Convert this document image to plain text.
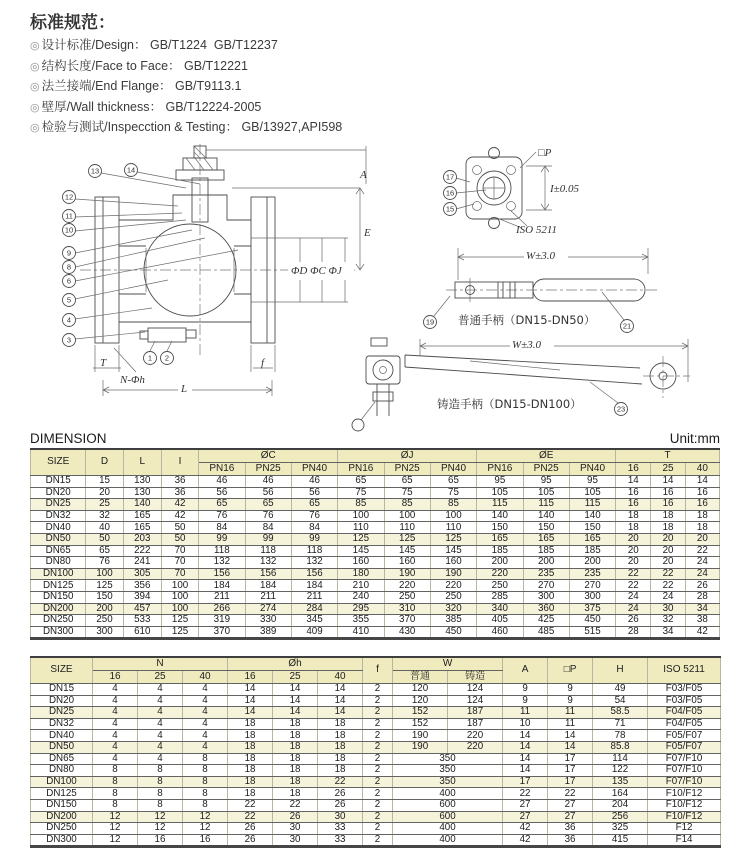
标准规范：
◎ 设计标准/Design： GB/T1224  GB/T12237
◎ 结构长度/Face to Face： GB/T12221
◎ 法兰接端/End Flange： GB/T9113.1
◎ 壁厚/Wall thickness： GB/T12224-2005
◎ 检验与测试/Inspecction & Testing： GB/13927,API598
A
E
ΦD ΦC ΦJ
T	f
L
N-Φh
13	14
12
11
10
9
8
6
5
4
3
1 2
17
16
15
□P
I±0.05
ISO 5211
W±3.0
19	21
普通手柄（DN15-DN50）
W±3.0
23
铸造手柄（DN15-DN100）
DIMENSION	Unit:mm
SIZE	D	L	I	ØC			ØJ			ØE			T		
				PN16	PN25	PN40	PN16	PN25	PN40	PN16	PN25	PN40	16	25	40
DN15	15	130	36	46	46	46	65	65	65	95	95	95	14	14	14
DN20	20	130	36	56	56	56	75	75	75	105	105	105	16	16	16
DN25	25	140	42	65	65	65	85	85	85	115	115	115	16	16	16
DN32	32	165	42	76	76	76	100	100	100	140	140	140	18	18	18
DN40	40	165	50	84	84	84	110	110	110	150	150	150	18	18	18
DN50	50	203	50	99	99	99	125	125	125	165	165	165	20	20	20
DN65	65	222	70	118	118	118	145	145	145	185	185	185	20	20	22
DN80	76	241	70	132	132	132	160	160	160	200	200	200	20	20	24
DN100	100	305	70	156	156	156	180	190	190	220	235	235	22	22	24
DN125	125	356	100	184	184	184	210	220	220	250	270	270	22	22	26
DN150	150	394	100	211	211	211	240	250	250	285	300	300	24	24	28
DN200	200	457	100	266	274	284	295	310	320	340	360	375	24	30	34
DN250	250	533	125	319	330	345	355	370	385	405	425	450	26	32	38
DN300	300	610	125	370	389	409	410	430	450	460	485	515	28	34	42
SIZE	N			Øh			f	W		A	□P	H	ISO 5211
	16	25	40	16	25	40		普通	铸造				
DN15	4	4	4	14	14	14	2	120	124	9	9	49	F03/F05
DN20	4	4	4	14	14	14	2	120	124	9	9	54	F03/F05
DN25	4	4	4	14	14	14	2	152	187	11	11	58.5	F04/F05
DN32	4	4	4	18	18	18	2	152	187	10	11	71	F04/F05
DN40	4	4	4	18	18	18	2	190	220	14	14	78	F05/F07
DN50	4	4	4	18	18	18	2	190	220	14	14	85.8	F05/F07
DN65	4	4	8	18	18	18	2	350		14	17	114	F07/F10
DN80	8	8	8	18	18	18	2	350		14	17	122	F07/F10
DN100	8	8	8	18	18	22	2	350		17	17	135	F07/F10
DN125	8	8	8	18	18	26	2	400		22	22	164	F10/F12
DN150	8	8	8	22	22	26	2	600		27	27	204	F10/F12
DN200	12	12	12	22	26	30	2	600		27	27	256	F10/F12
DN250	12	12	12	26	30	33	2	400		42	36	325	F12
DN300	12	16	16	26	30	33	2	400		42	36	415	F14
